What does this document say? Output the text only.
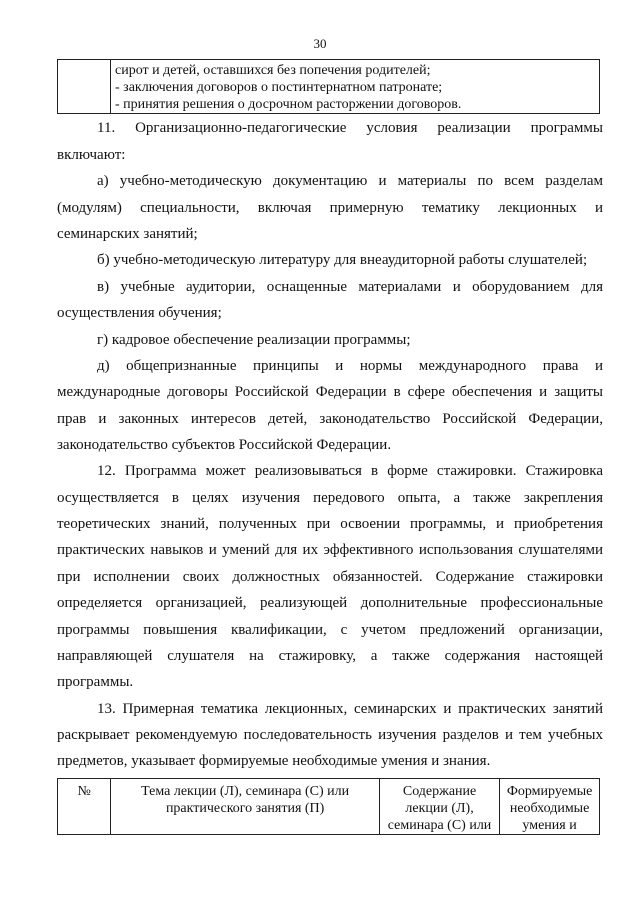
30

сирот и детей, оставшихся без попечения родителей;
- заключения договоров о постинтернатном патронате;
- принятия решения о досрочном расторжении договоров.

11. Организационно-педагогические условия реализации программы

включают:

а) учебно-методическую документацию и материалы по всем разделам

(модулям) специальности, включая примерную тематику лекционных и

семинарских занятий;

б) учебно-методическую литературу для внеаудиторной работы слушателей;

в) учебные аудитории, оснащенные материалами и оборудованием для

осуществления обучения;

г) кадровое обеспечение реализации программы;

д) общепризнанные принципы и нормы международного права и

международные договоры Российской Федерации в сфере обеспечения и защиты

прав и законных интересов детей, законодательство Российской Федерации,

законодательство субъектов Российской Федерации.

12. Программа может реализовываться в форме стажировки. Стажировка

осуществляется в целях изучения передового опыта, а также закрепления

теоретических знаний, полученных при освоении программы, и приобретения

практических навыков и умений для их эффективного использования слушателями

при исполнении своих должностных обязанностей. Содержание стажировки

определяется организацией, реализующей дополнительные профессиональные

программы повышения квалификации, с учетом предложений организации,

направляющей слушателя на стажировку, а также содержания настоящей

программы.

13. Примерная тематика лекционных, семинарских и практических занятий

раскрывает рекомендуемую последовательность изучения разделов и тем учебных

предметов, указывает формируемые необходимые умения и знания.

№	Тема лекции (Л), семинара (С) или практического занятия (П)	Содержание лекции (Л), семинара (С) или	Формируемые необходимые умения и
